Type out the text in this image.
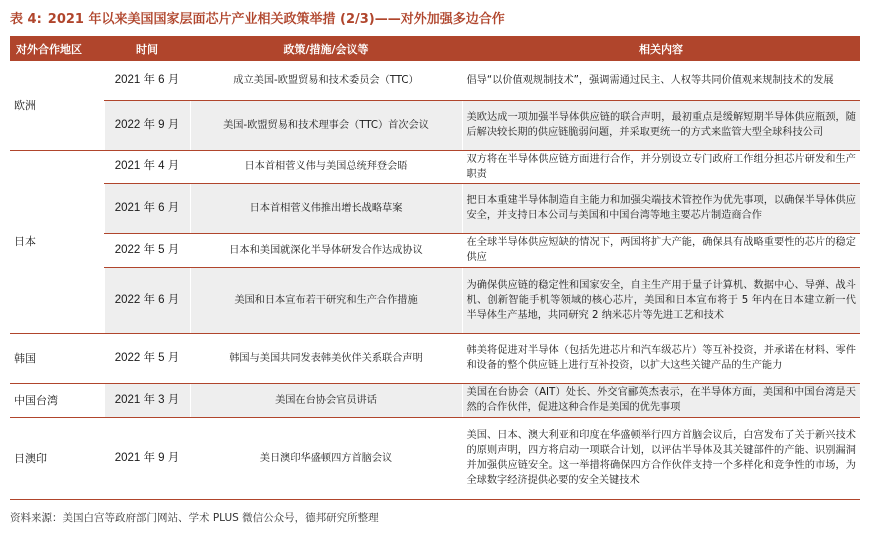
表 4: 2021 年以来美国国家层面芯片产业相关政策举措 (2/3)——对外加强多边合作
对外合作地区	时间	政策/措施/会议等	相关内容
欧洲	2021 年 6 月	成立美国-欧盟贸易和技术委员会（TTC）	倡导“以价值观规制技术”，强调需通过民主、人权等共同价值观来规制技术的发展
	2022 年 9 月	美国-欧盟贸易和技术理事会（TTC）首次会议	美欧达成一项加强半导体供应链的联合声明，最初重点是缓解短期半导体供应瓶颈，随后解决较长期的供应链脆弱问题，并采取更统一的方式来监管大型全球科技公司
日本	2021 年 4 月	日本首相菅义伟与美国总统拜登会晤	双方将在半导体供应链方面进行合作，并分别设立专门政府工作组分担芯片研发和生产职责
	2021 年 6 月	日本首相菅义伟推出增长战略草案	把日本重建半导体制造自主能力和加强尖端技术管控作为优先事项，以确保半导体供应安全，并支持日本公司与美国和中国台湾等地主要芯片制造商合作
	2022 年 5 月	日本和美国就深化半导体研发合作达成协议	在全球半导体供应短缺的情况下，两国将扩大产能，确保具有战略重要性的芯片的稳定供应
	2022 年 6 月	美国和日本宣布若干研究和生产合作措施	为确保供应链的稳定性和国家安全，自主生产用于量子计算机、数据中心、导弹、战斗机、创新智能手机等领域的核心芯片，美国和日本宣布将于 5 年内在日本建立新一代半导体生产基地，共同研究 2 纳米芯片等先进工艺和技术
韩国	2022 年 5 月	韩国与美国共同发表韩美伙伴关系联合声明	韩美将促进对半导体（包括先进芯片和汽车级芯片）等互补投资，并承诺在材料、零件和设备的整个供应链上进行互补投资，以扩大这些关键产品的生产能力
中国台湾	2021 年 3 月	美国在台协会官员讲话	美国在台协会（AIT）处长、外交官郦英杰表示，在半导体方面，美国和中国台湾是天然的合作伙伴，促进这种合作是美国的优先事项
日澳印	2021 年 9 月	美日澳印华盛顿四方首脑会议	美国、日本、澳大利亚和印度在华盛顿举行四方首脑会议后，白宫发布了关于新兴技术的原则声明，四方将启动一项联合计划，以评估半导体及其关键部件的产能、识别漏洞并加强供应链安全。这一举措将确保四方合作伙伴支持一个多样化和竞争性的市场，为全球数字经济提供必要的安全关键技术
资料来源：美国白宫等政府部门网站、学术 PLUS 微信公众号，德邦研究所整理
